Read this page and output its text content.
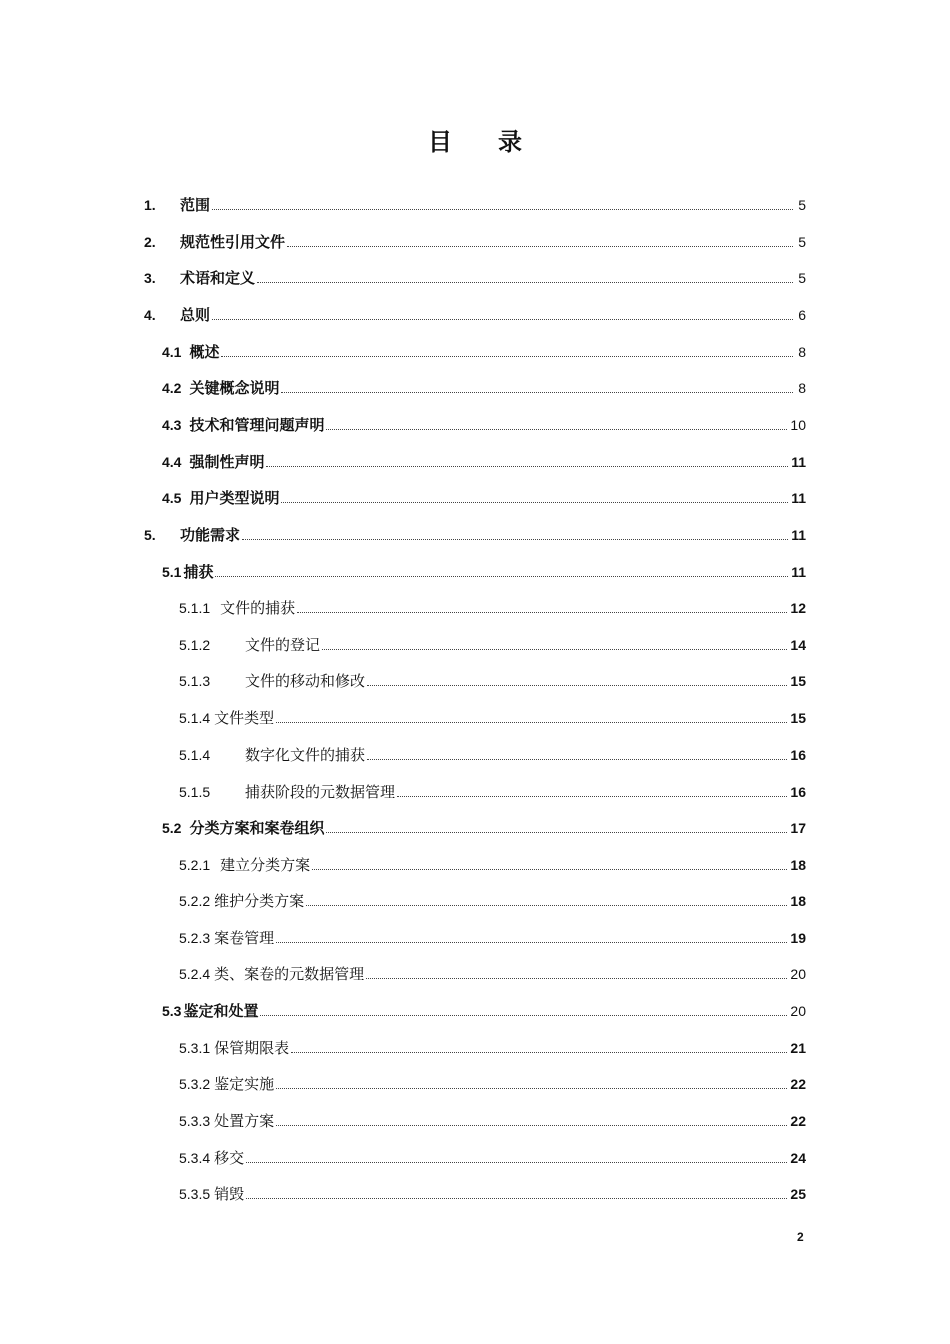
目 录
1.	范围	5
2.	规范性引用文件	5
3.	术语和定义	5
4.	总则	6
4.1 概述	8
4.2 关键概念说明	8
4.3 技术和管理问题声明	10
4.4 强制性声明	11
4.5 用户类型说明	11
5.	功能需求	11
5.1 捕获	11
5.1.1 文件的捕获	12
5.1.2	文件的登记	14
5.1.3	文件的移动和修改	15
5.1.4 文件类型	15
5.1.4	数字化文件的捕获	16
5.1.5	捕获阶段的元数据管理	16
5.2 分类方案和案卷组织	17
5.2.1 建立分类方案	18
5.2.2 维护分类方案	18
5.2.3 案卷管理	19
5.2.4 类、案卷的元数据管理	20
5.3 鉴定和处置	20
5.3.1 保管期限表	21
5.3.2 鉴定实施	22
5.3.3 处置方案	22
5.3.4 移交	24
5.3.5 销毁	25
2
